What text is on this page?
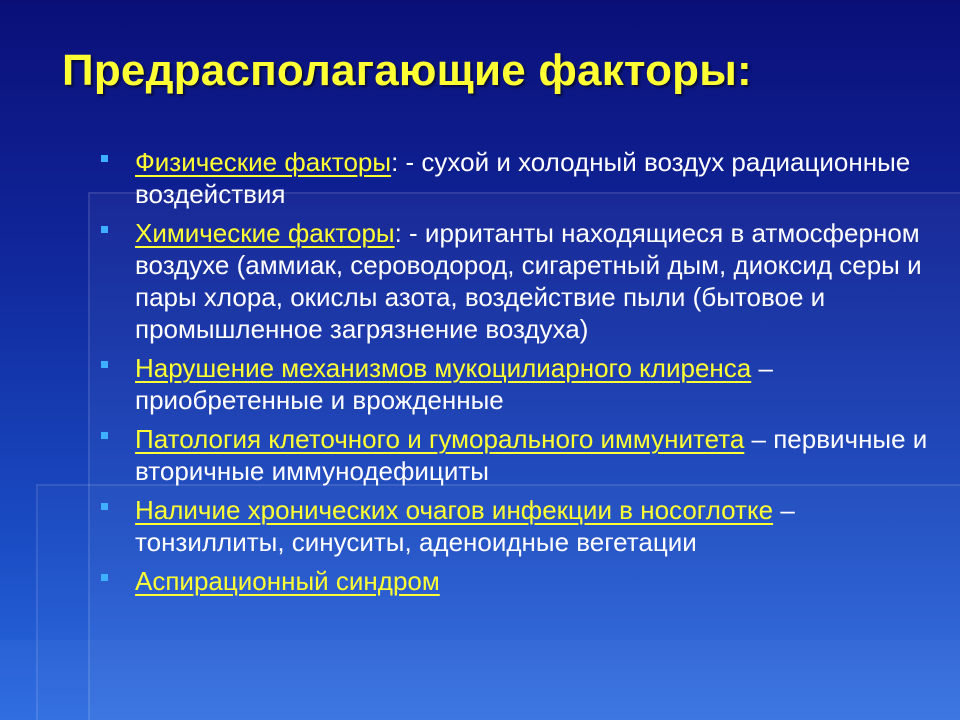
Предрасполагающие факторы:
Физические факторы: - сухой и холодный воздух радиационные воздействия
Химические факторы: - ирританты находящиеся в атмосферном воздухе (аммиак, сероводород, сигаретный дым, диоксид серы и пары хлора, окислы азота, воздействие пыли (бытовое и промышленное загрязнение воздуха)
Нарушение механизмов мукоцилиарного клиренса – приобретенные и врожденные
Патология клеточного и гуморального иммунитета – первичные и вторичные иммунодефициты
Наличие хронических очагов инфекции в носоглотке – тонзиллиты, синуситы, аденоидные вегетации
Аспирационный синдром
